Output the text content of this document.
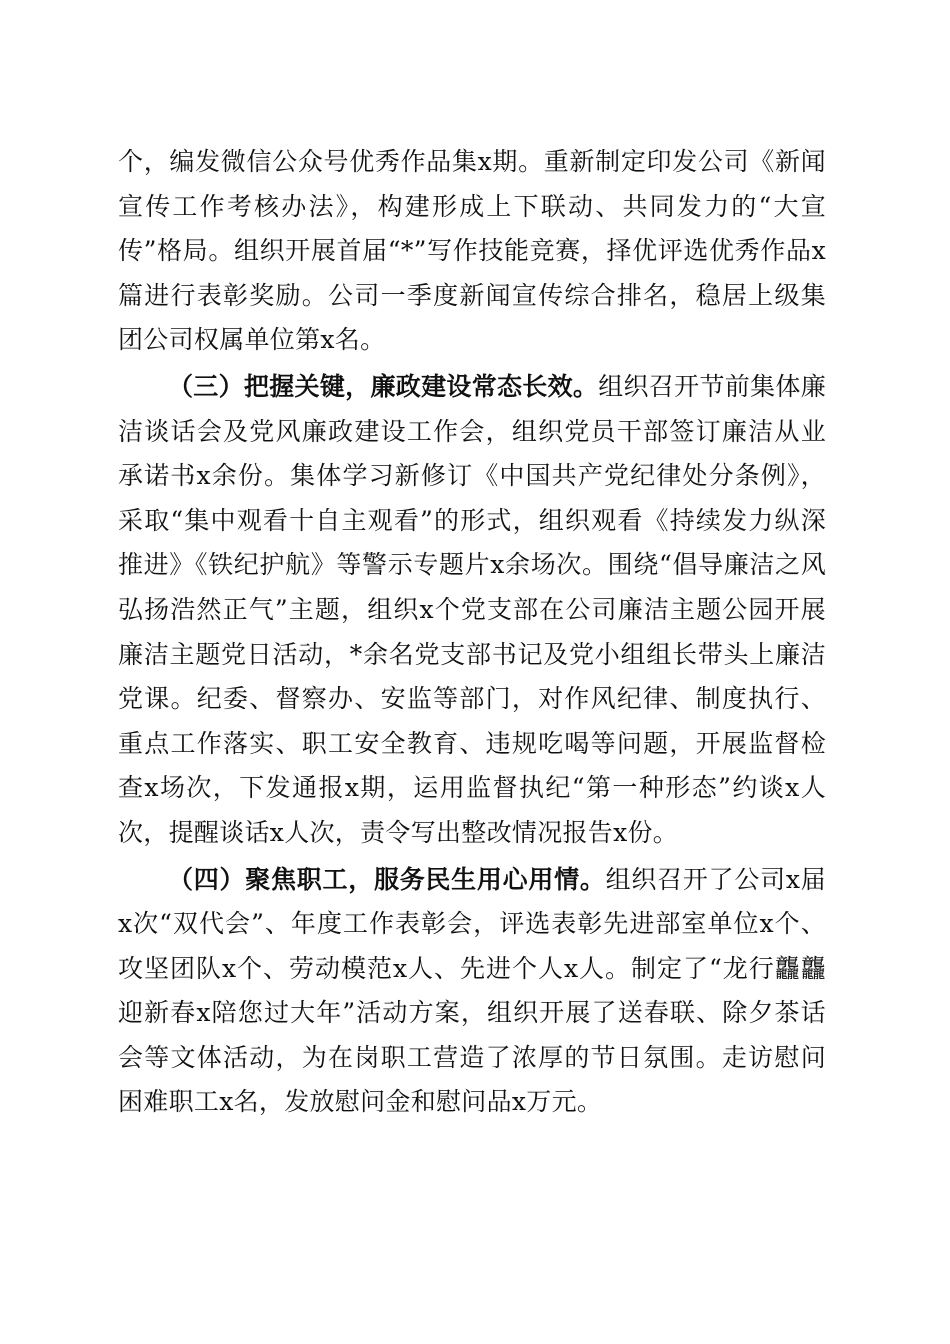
个，编发微信公众号优秀作品集x期。重新制定印发公司《新闻宣传工作考核办法》，构建形成上下联动、共同发力的“大宣传”格局。组织开展首届“*”写作技能竞赛，择优评选优秀作品x篇进行表彰奖励。公司一季度新闻宣传综合排名，稳居上级集团公司权属单位第x名。

（三）把握关键，廉政建设常态长效。组织召开节前集体廉洁谈话会及党风廉政建设工作会，组织党员干部签订廉洁从业承诺书x余份。集体学习新修订《中国共产党纪律处分条例》，采取“集中观看十自主观看”的形式，组织观看《持续发力纵深推进》《铁纪护航》等警示专题片x余场次。围绕“倡导廉洁之风弘扬浩然正气”主题，组织x个党支部在公司廉洁主题公园开展廉洁主题党日活动，*余名党支部书记及党小组组长带头上廉洁党课。纪委、督察办、安监等部门，对作风纪律、制度执行、重点工作落实、职工安全教育、违规吃喝等问题，开展监督检查x场次，下发通报x期，运用监督执纪“第一种形态”约谈x人次，提醒谈话x人次，责令写出整改情况报告x份。

（四）聚焦职工，服务民生用心用情。组织召开了公司x届x次“双代会”、年度工作表彰会，评选表彰先进部室单位x个、攻坚团队x个、劳动模范x人、先进个人x人。制定了“龙行龘龘迎新春x陪您过大年”活动方案，组织开展了送春联、除夕茶话会等文体活动，为在岗职工营造了浓厚的节日氛围。走访慰问困难职工x名，发放慰问金和慰问品x万元。
